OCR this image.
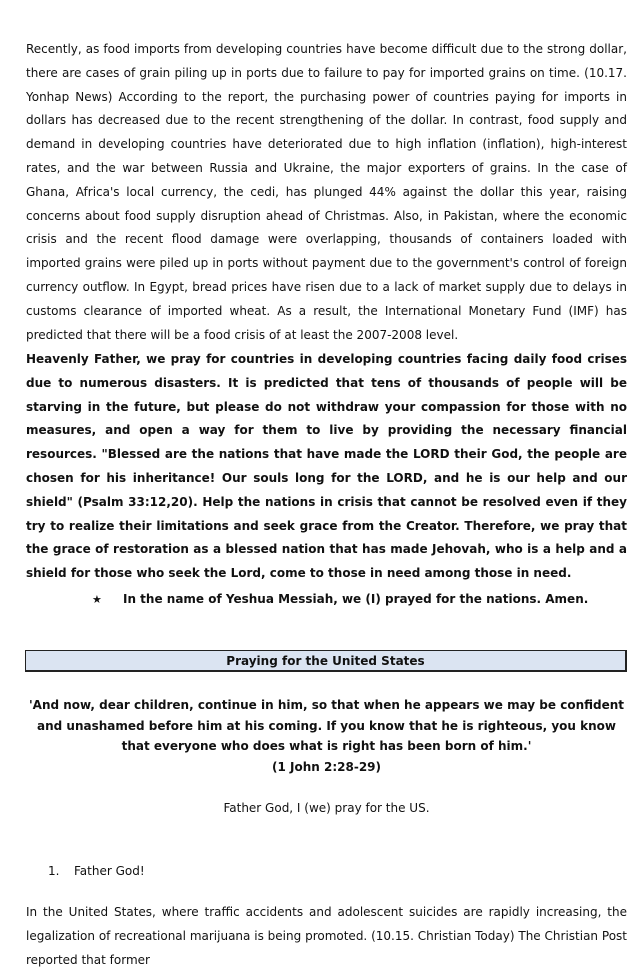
Recently, as food imports from developing countries have become difficult due to the strong dollar, there are cases of grain piling up in ports due to failure to pay for imported grains on time. (10.17. Yonhap News) According to the report, the purchasing power of countries paying for imports in dollars has decreased due to the recent strengthening of the dollar. In contrast, food supply and demand in developing countries have deteriorated due to high inflation (inflation), high-interest rates, and the war between Russia and Ukraine, the major exporters of grains. In the case of Ghana, Africa's local currency, the cedi, has plunged 44% against the dollar this year, raising concerns about food supply disruption ahead of Christmas. Also, in Pakistan, where the economic crisis and the recent flood damage were overlapping, thousands of containers loaded with imported grains were piled up in ports without payment due to the government's control of foreign currency outflow. In Egypt, bread prices have risen due to a lack of market supply due to delays in customs clearance of imported wheat. As a result, the International Monetary Fund (IMF) has predicted that there will be a food crisis of at least the 2007-2008 level.

Heavenly Father, we pray for countries in developing countries facing daily food crises due to numerous disasters. It is predicted that tens of thousands of people will be starving in the future, but please do not withdraw your compassion for those with no measures, and open a way for them to live by providing the necessary financial resources. "Blessed are the nations that have made the LORD their God, the people are chosen for his inheritance! Our souls long for the LORD, and he is our help and our shield" (Psalm 33:12,20). Help the nations in crisis that cannot be resolved even if they try to realize their limitations and seek grace from the Creator. Therefore, we pray that the grace of restoration as a blessed nation that has made Jehovah, who is a help and a shield for those who seek the Lord, come to those in need among those in need.

★ In the name of Yeshua Messiah, we (I) prayed for the nations. Amen.
Praying for the United States

'And now, dear children, continue in him, so that when he appears we may be confident and unashamed before him at his coming. If you know that he is righteous, you know that everyone who does what is right has been born of him.'

(1 John 2:28-29)
Father God, I (we) pray for the US.
1. Father God!

In the United States, where traffic accidents and adolescent suicides are rapidly increasing, the legalization of recreational marijuana is being promoted. (10.15. Christian Today) The Christian Post reported that former
